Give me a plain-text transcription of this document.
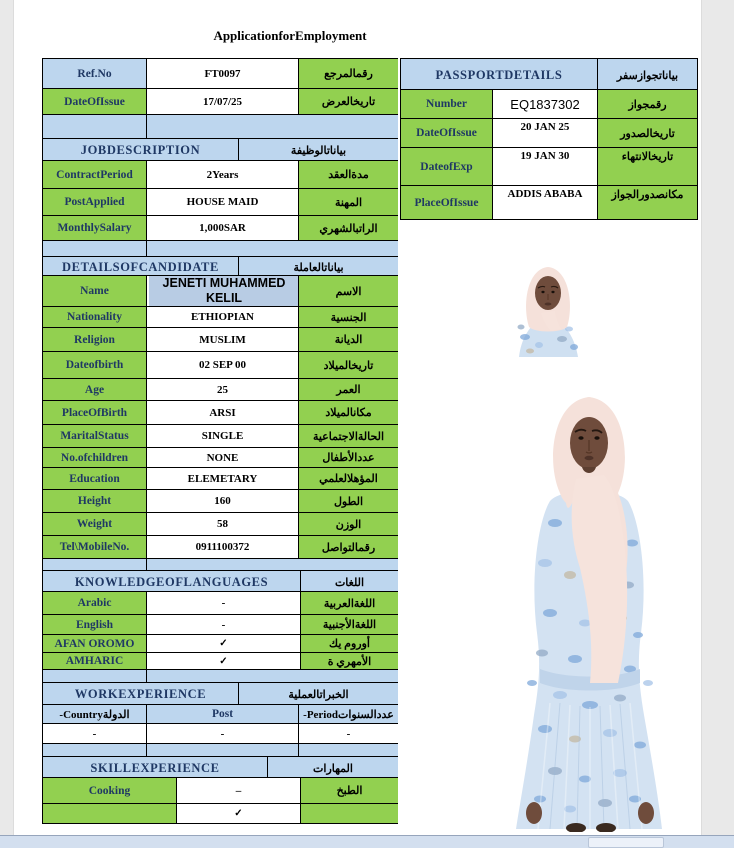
ApplicationforEmployment
Ref.No	FT0097	رقمالمرجع
DateOfIssue	17/07/25	تاريخالعرض

JOBDESCRIPTION	بياناتالوظيفة
ContractPeriod	2Years	مدةالعقد
PostApplied	HOUSE MAID	المهنة
MonthlySalary	1,000SAR	الراتبالشهري

DETAILSOFCANDIDATE	بياناتالعاملة
Name	JENETI MUHAMMED KELIL	الاسم
Nationality	ETHIOPIAN	الجنسية
Religion	MUSLIM	الديانة
Dateofbirth	02 SEP 00	تاريخالميلاد
Age	25	العمر
PlaceOfBirth	ARSI	مكانالميلاد
MaritalStatus	SINGLE	الحالةالاجتماعية
No.ofchildren	NONE	عددالأطفال
Education	ELEMETARY	المؤهلالعلمي
Height	160	الطول
Weight	58	الوزن
Tel\MobileNo.	0911100372	رقمالتواصل

KNOWLEDGEOFLANGUAGES	اللغات
Arabic	-	اللغةالعربية
English	-	اللغةالأجنبية
AFAN OROMO	✓	أوروم يك
AMHARIC	✓	الأمهري ة

WORKEXPERIENCE	الخبراتالعملية
الدولةCountry-	Post	عددالسنواتPeriod-
-	-	-

SKILLEXPERIENCE	المهارات
Cooking	–	الطبخ
	✓	
PASSPORTDETAILS	بياناتجوازسفر
Number	EQ1837302	رقمجواز
DateOfIssue	20 JAN 25	تاريخالصدور
DateofExp	19 JAN 30	تاريخالانتهاء
PlaceOfIssue	ADDIS ABABA	مكانصدورالجواز
